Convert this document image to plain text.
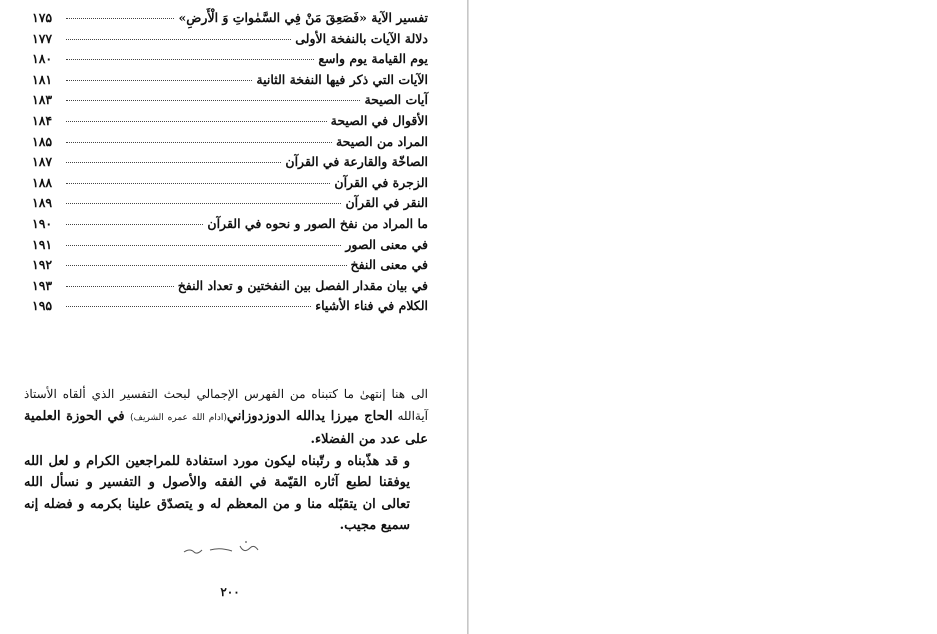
تفسير الآية «فَصَعِقَ مَنْ فِي السَّمٰواتِ وَ الْأَرضِ»
۱۷۵
دلالة الآيات بالنفخة الأولى
۱۷۷
يوم القيامة يوم واسع
۱۸۰
الآيات التي ذكر فيها النفخة الثانية
۱۸۱
آيات الصيحة
۱۸۳
الأقوال في الصيحة
۱۸۴
المراد من الصيحة
۱۸۵
الصاخّة والقارعة في القرآن
۱۸۷
الزجرة في القرآن
۱۸۸
النقر في القرآن
۱۸۹
ما المراد من نفخ الصور و نحوه في القرآن
۱۹۰
في معنى الصور
۱۹۱
في معنى النفخ
۱۹۲
في بيان مقدار الفصل بين النفختين و تعداد النفخ
۱۹۳
الكلام في فناء الأشياء
۱۹۵

الى هنا إنتهىٰ ما كتبناه من الفهرس الإجمالي لبحث التفسير الذي ألقاه الأستاذ آيةالله الحاج ميرزا يدالله الدوزدوزاني(ادام الله عمره الشريف) في الحوزة العلمية على عدد من الفضلاء.

و قد هذّبناه و رتّبناه ليكون مورد استفادة للمراجعين الكرام و لعل الله يوفقنا لطبع آثاره القيّمة في الفقه والأصول و التفسير و نسأل الله تعالى ان يتقبّله منا و من المعظم له و يتصدّق علينا بكرمه و فضله إنه سميع مجيب.

۲۰۰
